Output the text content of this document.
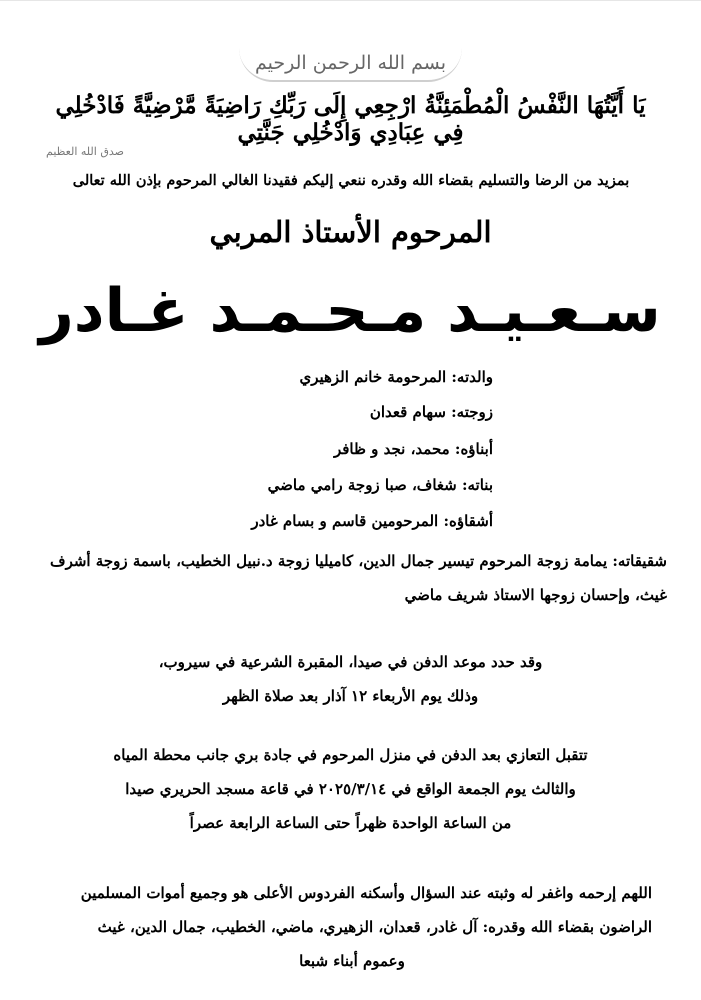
بسم الله الرحمن الرحيم
يَا أَيَّتُهَا النَّفْسُ الْمُطْمَئِنَّةُ ارْجِعِي إِلَى رَبِّكِ رَاضِيَةً مَّرْضِيَّةً فَادْخُلِي فِي عِبَادِي وَادْخُلِي جَنَّتِي
صدق الله العظيم
بمزيد من الرضا والتسليم بقضاء الله وقدره ننعي إليكم فقيدنا الغالي المرحوم بإذن الله تعالى
المرحوم الأستاذ المربي
سـعـيـد مـحـمـد غـادر
والدته: المرحومة خانم الزهيري
زوجته: سهام قعدان
أبناؤه: محمد، نجد و ظافر
بناته: شغاف، صبا زوجة رامي ماضي
أشقاؤه: المرحومين قاسم و بسام غادر
شقيقاته: يمامة زوجة المرحوم تيسير جمال الدين، كاميليا زوجة د.نبيل الخطيب، باسمة زوجة أشرف
غيث، وإحسان زوجها الاستاذ شريف ماضي
وقد حدد موعد الدفن في صيدا، المقبرة الشرعية في سيروب،
وذلك يوم الأربعاء ١٢ آذار بعد صلاة الظهر
تتقبل التعازي بعد الدفن في منزل المرحوم في جادة بري جانب محطة المياه
والثالث يوم الجمعة الواقع في ٢٠٢٥/٣/١٤ في قاعة مسجد الحريري صيدا
من الساعة الواحدة ظهراً حتى الساعة الرابعة عصراً
اللهم إرحمه واغفر له وثبته عند السؤال وأسكنه الفردوس الأعلى هو وجميع أموات المسلمين
الراضون بقضاء الله وقدره: آل غادر، قعدان، الزهيري، ماضي، الخطيب، جمال الدين، غيث
وعموم أبناء شبعا
